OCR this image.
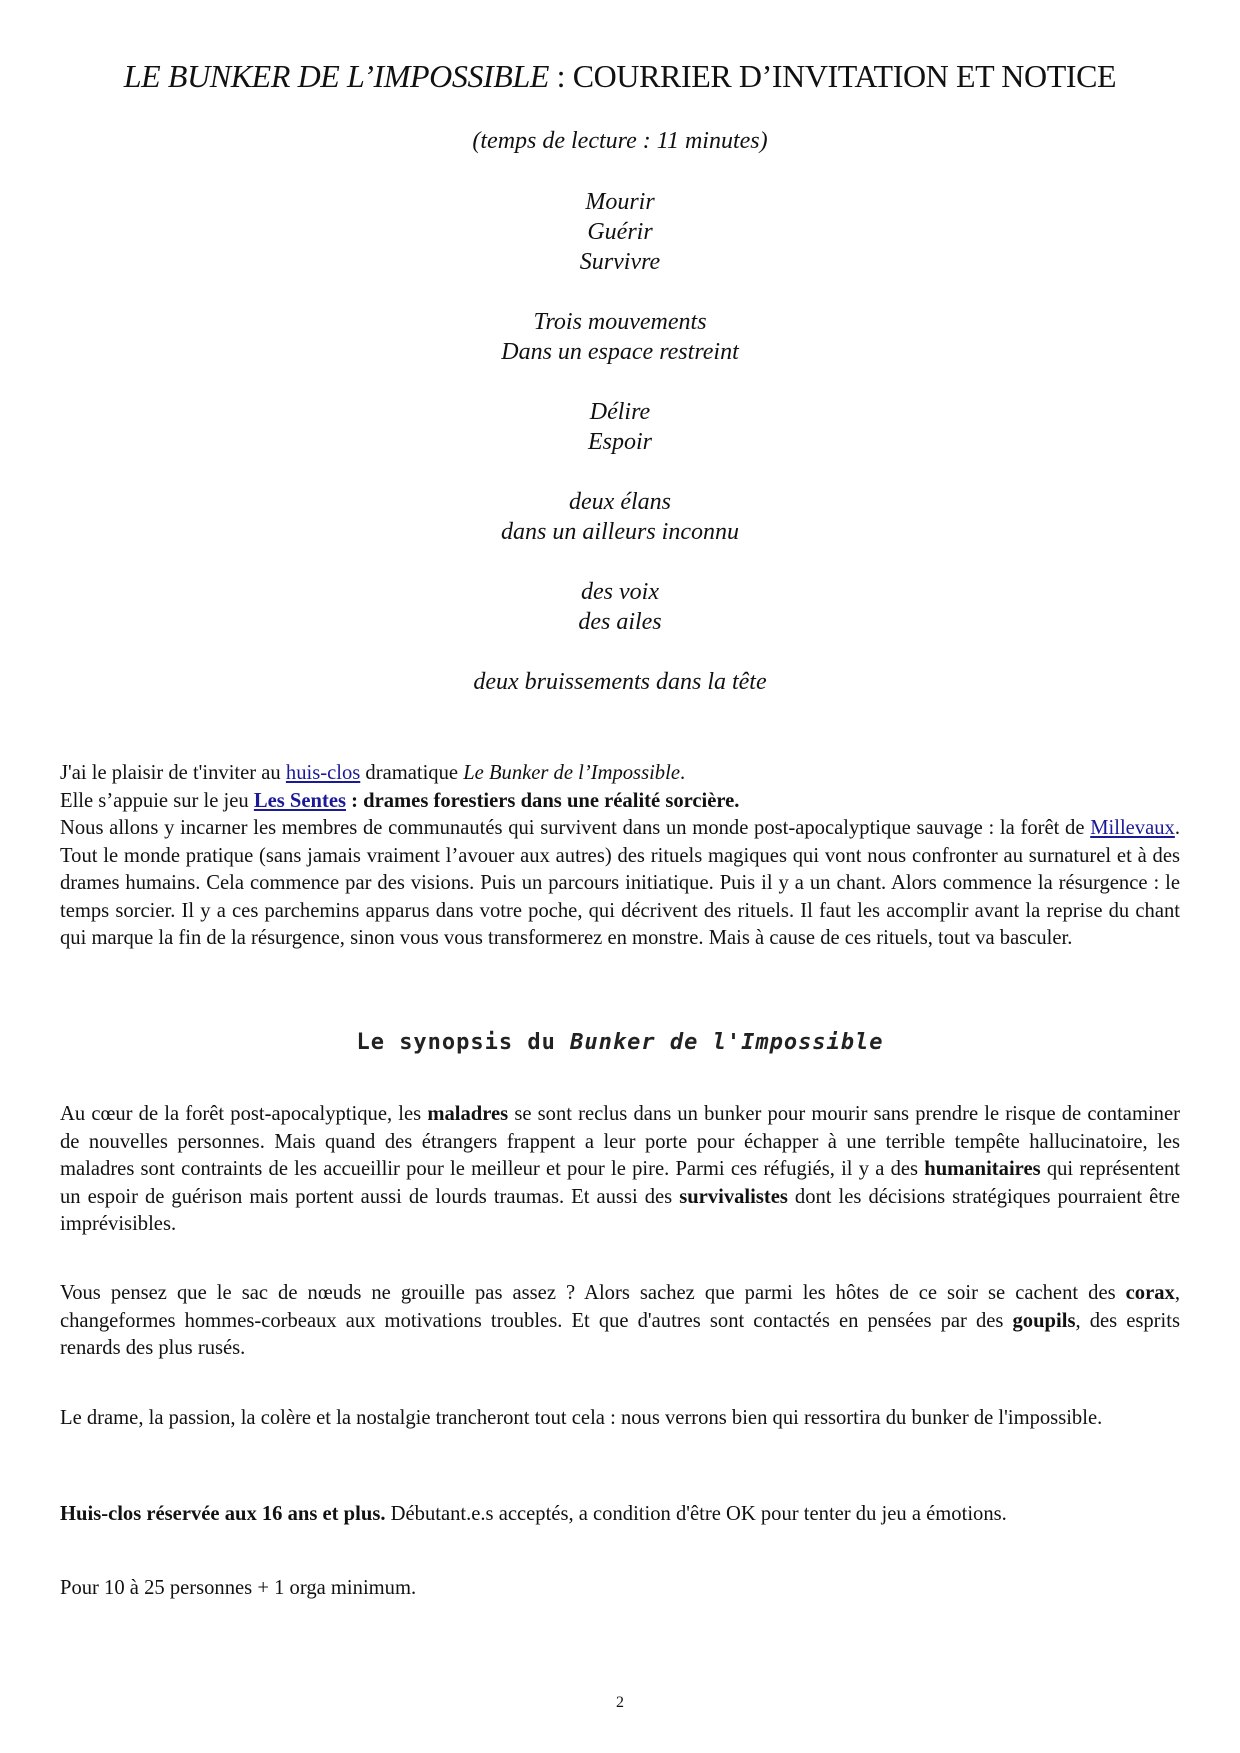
LE BUNKER DE L’IMPOSSIBLE : COURRIER D’INVITATION ET NOTICE
(temps de lecture : 11 minutes)

Mourir

Guérir

Survivre

Trois mouvements

Dans un espace restreint

Délire

Espoir

deux élans

dans un ailleurs inconnu

des voix

des ailes

deux bruissements dans la tête

J'ai le plaisir de t'inviter au huis-clos dramatique Le Bunker de l’Impossible.

Elle s’appuie sur le jeu Les Sentes : drames forestiers dans une réalité sorcière.

Nous allons y incarner les membres de communautés qui survivent dans un monde post-apocalyptique sauvage : la forêt de Millevaux. Tout le monde pratique (sans jamais vraiment l’avouer aux autres) des rituels magiques qui vont nous confronter au surnaturel et à des drames humains. Cela commence par des visions. Puis un parcours initiatique. Puis il y a un chant. Alors commence la résurgence : le temps sorcier. Il y a ces parchemins apparus dans votre poche, qui décrivent des rituels. Il faut les accomplir avant la reprise du chant qui marque la fin de la résurgence, sinon vous vous transformerez en monstre. Mais à cause de ces rituels, tout va basculer.

Le synopsis du Bunker de l'Impossible

Au cœur de la forêt post-apocalyptique, les maladres se sont reclus dans un bunker pour mourir sans prendre le risque de contaminer de nouvelles personnes. Mais quand des étrangers frappent a leur porte pour échapper à une terrible tempête hallucinatoire, les maladres sont contraints de les accueillir pour le meilleur et pour le pire. Parmi ces réfugiés, il y a des humanitaires qui représentent un espoir de guérison mais portent aussi de lourds traumas. Et aussi des survivalistes dont les décisions stratégiques pourraient être imprévisibles.

Vous pensez que le sac de nœuds ne grouille pas assez ? Alors sachez que parmi les hôtes de ce soir se cachent des corax, changeformes hommes-corbeaux aux motivations troubles. Et que d'autres sont contactés en pensées par des goupils, des esprits renards des plus rusés.

Le drame, la passion, la colère et la nostalgie trancheront tout cela : nous verrons bien qui ressortira du bunker de l'impossible.

Huis-clos réservée aux 16 ans et plus. Débutant.e.s acceptés, a condition d'être OK pour tenter du jeu a émotions.

Pour 10 à 25 personnes + 1 orga minimum.

2
